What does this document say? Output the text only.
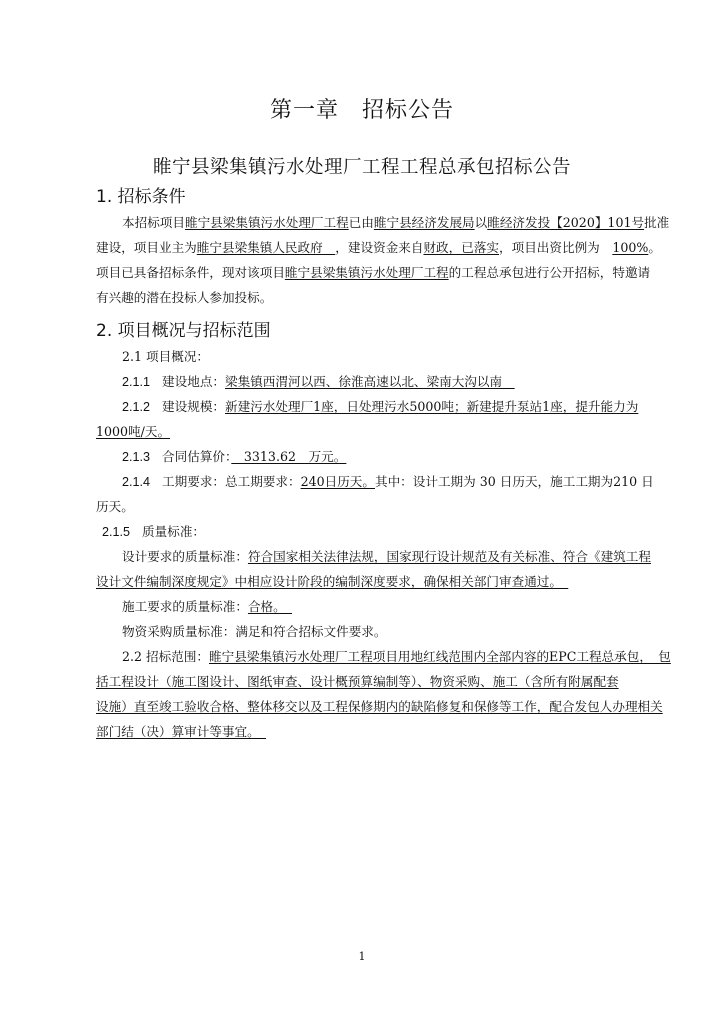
第一章　招标公告
睢宁县梁集镇污水处理厂工程工程总承包招标公告
1. 招标条件
本招标项目睢宁县梁集镇污水处理厂工程已由睢宁县经济发展局以睢经济发投【2020】101号批准
建设，项目业主为睢宁县梁集镇人民政府　，建设资金来自财政，已落实，项目出资比例为　100%。
项目已具备招标条件，现对该项目睢宁县梁集镇污水处理厂工程的工程总承包进行公开招标，特邀请
有兴趣的潜在投标人参加投标。
2. 项目概况与招标范围
2.1 项目概况：
2.1.1 建设地点：梁集镇西渭河以西、徐淮高速以北、梁南大沟以南　
2.1.2 建设规模：新建污水处理厂1座，日处理污水5000吨；新建提升泵站1座，提升能力为
1000吨/天。
2.1.3 合同估算价：　3313.62　万元。
2.1.4 工期要求：总工期要求：240日历天。其中：设计工期为 30 日历天，施工工期为210 日
历天。
2.1.5 质量标准：
设计要求的质量标准：符合国家相关法律法规，国家现行设计规范及有关标准、符合《建筑工程
设计文件编制深度规定》中相应设计阶段的编制深度要求，确保相关部门审查通过。　
施工要求的质量标准：合格。　
物资采购质量标准：满足和符合招标文件要求。
2.2 招标范围：睢宁县梁集镇污水处理厂工程项目用地红线范围内全部内容的EPC工程总承包，　包
括工程设计（施工图设计、图纸审查、设计概预算编制等）、物资采购、施工（含所有附属配套
设施）直至竣工验收合格、整体移交以及工程保修期内的缺陷修复和保修等工作，配合发包人办理相关
部门结（决）算审计等事宜。　
1
